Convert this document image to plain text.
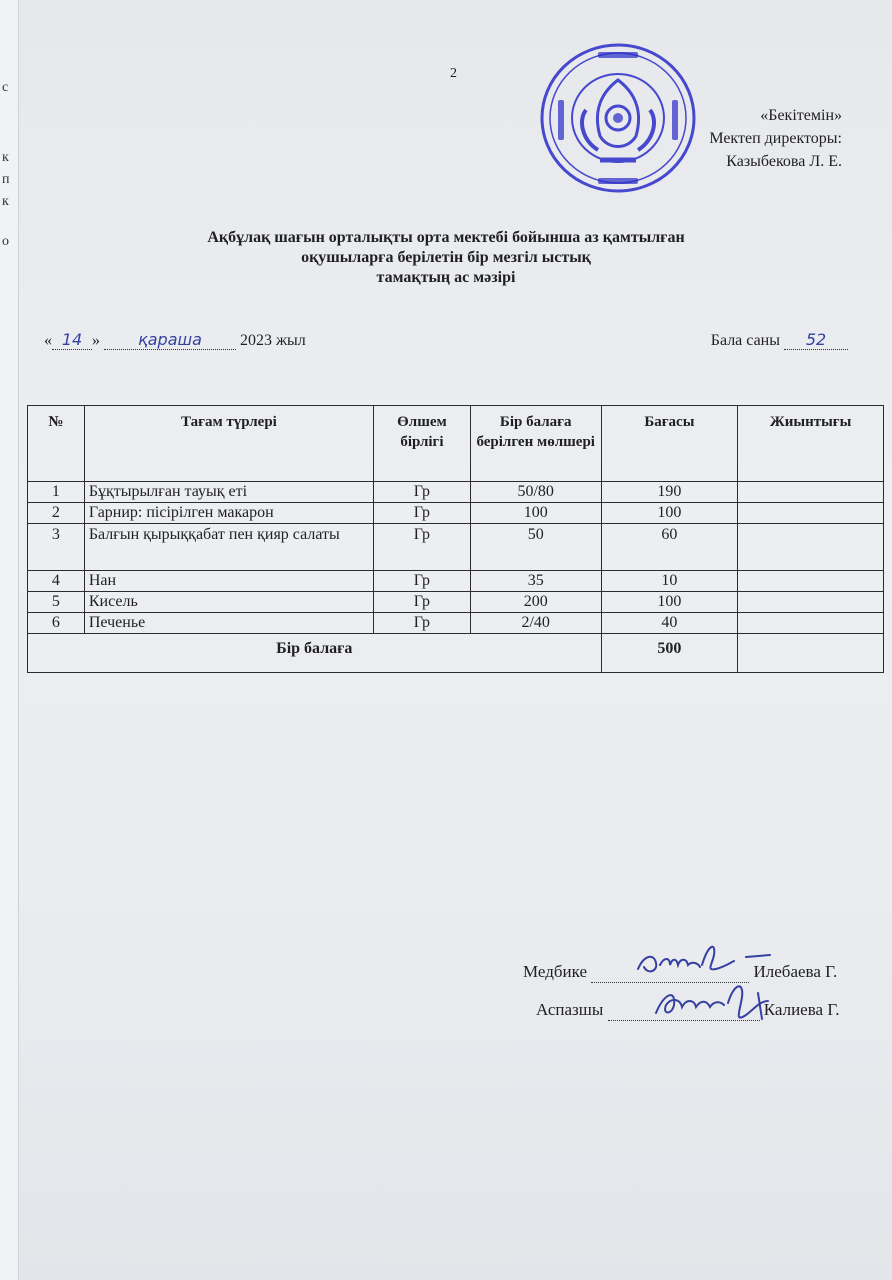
с
к
п
к
о
2
«Бекітемін»
Мектеп директоры:
Казыбекова Л. Е.
Ақбұлақ шағын орталықты орта мектебі бойынша аз қамтылған
оқушыларға берілетін бір мезгіл ыстық
тамақтың ас мәзірі
« 14 » қараша 2023 жыл	Бала саны 52
№	Тағам түрлері	Өлшем бірлігі	Бір балаға берілген мөлшері	Бағасы	Жиынтығы
1	Бұқтырылған тауық еті	Гр	50/80	190	
2	Гарнир: пісірілген макарон	Гр	100	100	
3	Балғын қырыққабат пен қияр салаты	Гр	50	60	
4	Нан	Гр	35	10	
5	Кисель	Гр	200	100	
6	Печенье	Гр	2/40	40	
Бір балаға				500	
Медбике	Илебаева Г.
Аспазшы	Калиева Г.
